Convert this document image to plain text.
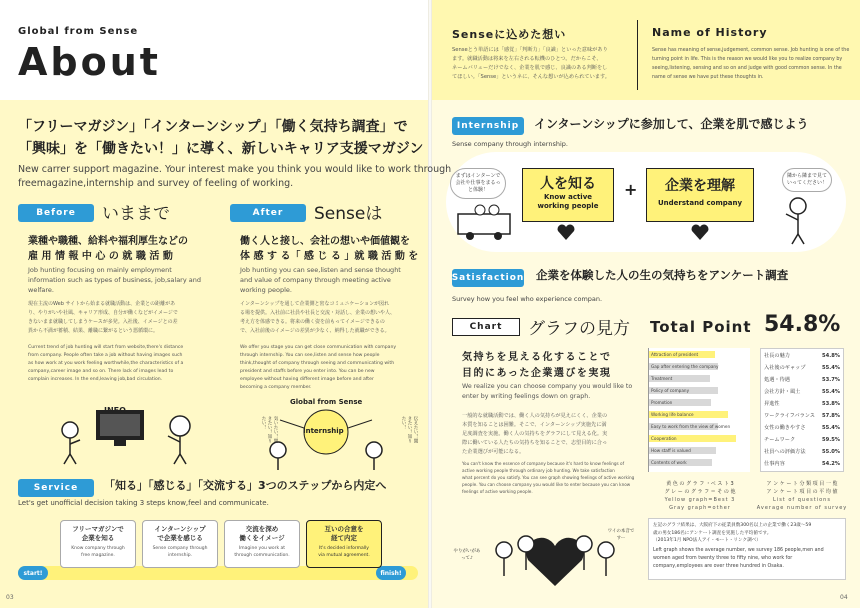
Global from Sense
About
「フリーマガジン」「インターンシップ」「働く気持ち調査」で
「興味」を「働きたい！」に導く、新しいキャリア支援マガジン
New carrer support magazine. Your interest make you think you would like to work through
freemagazine,internship and survey of feeling of working.
Before	いままで
業種や職種、給料や福利厚生などの
雇 用 情 報 中 心 の 就 職 活 動
Job hunting focusing on mainly employment
information such as types of business, job,salary and
welfare.
現在主流のWeb サイトから始まる就職活動は、企業との距離があ
り、やりがいや社風、キャリア形成、自分が働くなどがイメージで
きないまま就職してしまうケースが多発。入社後、イメージとの差
異から不満が蓄積、結果、離職に繋がるという悪循環に。
Current trend of job hunting will start from website,there's distance
from company. People often take a job without having images such
as how work at you work feeling worthwhile,the characteristics of a
company,career image and so on. There lack of images lead to
complain increases. In the end,leaving job,bad circulation.
INFO
After	Senseは
働く人と接し、会社の想いや価値観を
体 感 す る「 感 じ る 」就 職 活 動 を
Job hunting you can see,listen and sense thought
and value of company through meeting active
working people.
インターンシップを通して企業側と密なコミュニケーションが図れ
る場を提供。入社前に社員や社長と交流・対話し、企業の想いや人、
考え方を体感できる。将来の働く姿を前もってイメージできるの
で、入社前後のイメージの差異が少なく、納得した就職ができる。
We offer you stage you can get close communication with company
through internship. You can see,listen and sense how people
think,thought of company through seeing and communicating with
president and staffs before you enter into. You can be new
employee without having different image before and after
becoming a company member.
Global from Sense
Internship
気いたい！聞きたい！知りたい！	伝えたい！聞きたい！知りたい！
Service	「知る」「感じる」「交流する」3つのステップから内定へ
Let's get unofficial decision taking 3 steps know,feel and communicate.
start!	finish!
フリーマガジンで
企業を知る
Know company through
free magazine.
インターンシップ
で企業を感じる
Sense company through
internship.
交流を深め
働くをイメージ
Imagine you work at
through communication.
互いの合意を
経て内定
It's decided informally
via mutual agreement.
03
Senseに込めた想い
Senseとう単語には「感覚」「判断力」「良識」といった意味があり
ます。就職活動は将来を左右される転機のひとつ。だからこそ、
ネームバリューだけでなく、企業を肌で感じ、良識のある判断をし
てほしい。「Sense」というネに、そんな想いが込められています。
Name of History
Sense has meaning of sense,judgement, common sense. Job hunting is one of the
turning point in life. This is the reason we would like you to realize company by
seeing,listening, sensing and so on and judge with good common sense. In the
name of sense we have put these thoughts in.
Internship	インターンシップに参加して、企業を肌で感じよう
Sense company through internship.
人を知る
Know active
working people
+	企業を理解
Understand company
まずはインターンで会社や仕事をまるっと体験！
隣から隣まで見ていってください！
Satisfaction 企業を体験した人の生の気持ちをアンケート調査
Survey how you feel who experience compan.
Chart	グラフの見方 Total Point 54.8%
気持ちを見える化することで
目的にあった企業選びを実現
We realize you can choose company you would like to
enter by writing feelings down on graph.
一般的な就職活動では、働く人の気持ちが見えにくく、企業の
本質を知ることは困難。そこで、インターンシップ実施先に満
足度調査を実施。働く人の気持ちをグラフにして見える化。実
際に働いている人たちの気持ちを知ることで、志望目的に合っ
た企業選びが可能になる。
You can't know the essence of company because it's hard to know feelings of
active working people through ordinary job hunting. We take satisfaction
what percent do you satisfy. You can see graph showing feelings of active working
people. You can choose company you would like to enter because you can know
feelings of active working people.
Attraction of president
Gap after entering the company
Treatment
Policy of company
Promotion
Working life balance
Easy to work from the view of women
Cooperation
How staff is valued
Contents of work
社長の魅力	54.8%
入社後のギャップ	55.4%
処遇・待遇	53.7%
会社方針・風土	55.4%
昇進性	53.8%
ワークライフバランス 57.8%
女性の働きやすさ	55.4%
チームワーク	59.5%
社員への評価方法	55.0%
仕事内容	54.2%
黄 色 の グ ラ フ ・ベ ス ト 3
グ レ ー の グ ラ フ ＝ そ の 他
Yellow graph=Best 3
Gray graph=other
ア ン ケ ー ト 分 類 項 目 一 覧
ア ン ケ ー ト 項 目 の 平 均 値
List of questions
Average number of survey
やりがいがあって♪
ワイの本音ですー
左記のグラフ結果は、大阪府下の従業員数300名以上の企業で働く23歳〜59
歳の男女186名にアンケート調査を実施した平均値です。
（2013年1月 NPO法人アイ・モート・リンク調べ）
Left graph shows the average number, we survey 186 people,men and
women aged from twenty three to fifty nine, who work for
company,employees are over three hundred in Osaka.
04
